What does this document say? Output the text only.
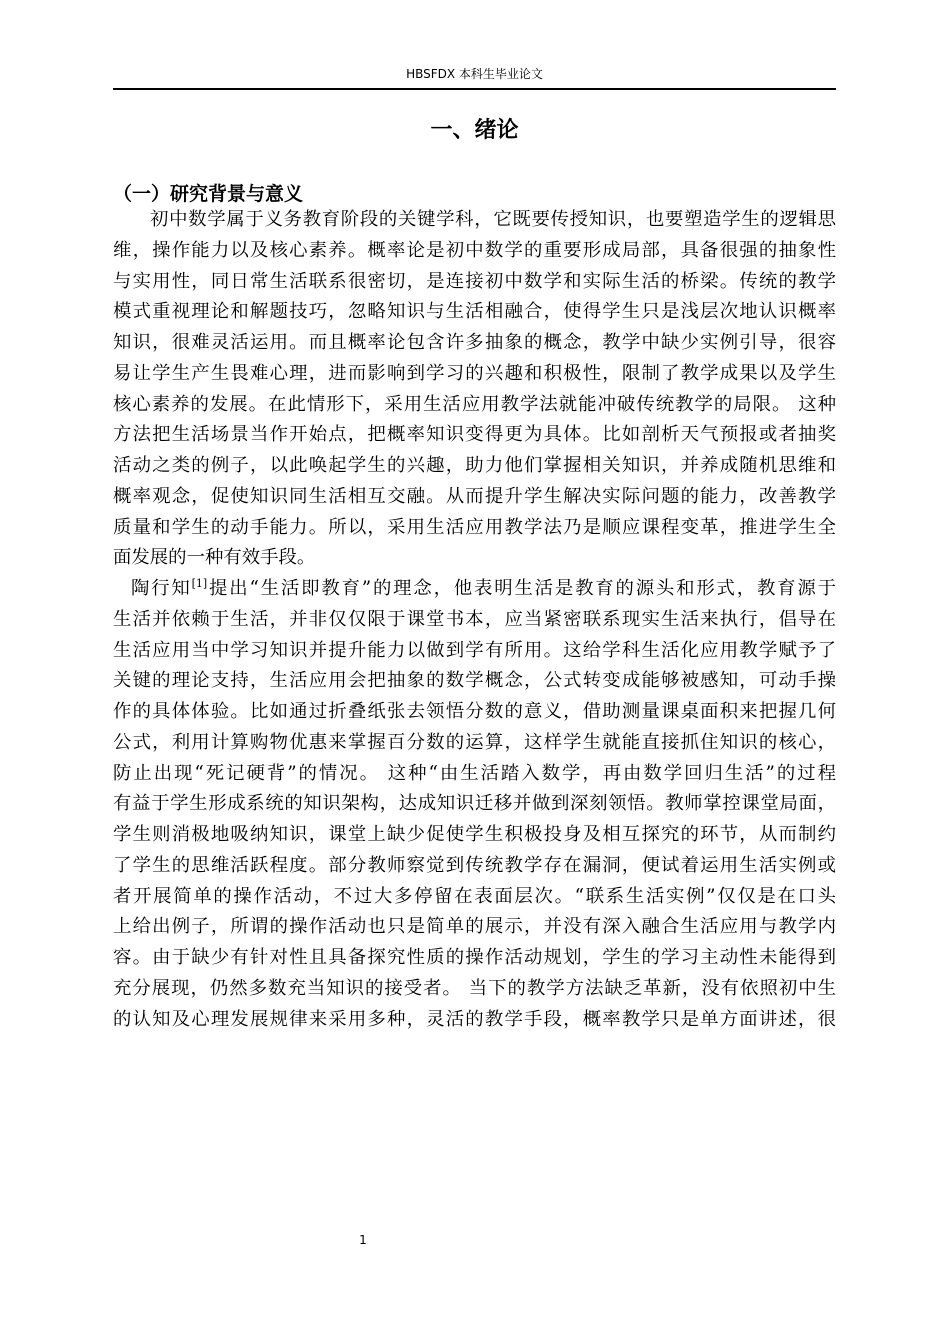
HBSFDX 本科生毕业论文
一、绪论
（一）研究背景与意义
初中数学属于义务教育阶段的关键学科，它既要传授知识，也要塑造学生的逻辑思
维，操作能力以及核心素养。概率论是初中数学的重要形成局部，具备很强的抽象性
与实用性，同日常生活联系很密切，是连接初中数学和实际生活的桥梁。传统的教学
模式重视理论和解题技巧，忽略知识与生活相融合，使得学生只是浅层次地认识概率
知识，很难灵活运用。而且概率论包含许多抽象的概念，教学中缺少实例引导，很容
易让学生产生畏难心理，进而影响到学习的兴趣和积极性，限制了教学成果以及学生
核心素养的发展。在此情形下，采用生活应用教学法就能冲破传统教学的局限。 这种
方法把生活场景当作开始点，把概率知识变得更为具体。比如剖析天气预报或者抽奖
活动之类的例子，以此唤起学生的兴趣，助力他们掌握相关知识，并养成随机思维和
概率观念，促使知识同生活相互交融。从而提升学生解决实际问题的能力，改善教学
质量和学生的动手能力。所以，采用生活应用教学法乃是顺应课程变革，推进学生全
面发展的一种有效手段。
陶行知[1]提出“生活即教育”的理念，他表明生活是教育的源头和形式，教育源于
生活并依赖于生活，并非仅仅限于课堂书本，应当紧密联系现实生活来执行，倡导在
生活应用当中学习知识并提升能力以做到学有所用。这给学科生活化应用教学赋予了
关键的理论支持，生活应用会把抽象的数学概念，公式转变成能够被感知，可动手操
作的具体体验。比如通过折叠纸张去领悟分数的意义，借助测量课桌面积来把握几何
公式，利用计算购物优惠来掌握百分数的运算，这样学生就能直接抓住知识的核心，
防止出现“死记硬背”的情况。 这种“由生活踏入数学，再由数学回归生活”的过程
有益于学生形成系统的知识架构，达成知识迁移并做到深刻领悟。教师掌控课堂局面，
学生则消极地吸纳知识，课堂上缺少促使学生积极投身及相互探究的环节，从而制约
了学生的思维活跃程度。部分教师察觉到传统教学存在漏洞，便试着运用生活实例或
者开展简单的操作活动，不过大多停留在表面层次。“联系生活实例”仅仅是在口头
上给出例子，所谓的操作活动也只是简单的展示，并没有深入融合生活应用与教学内
容。由于缺少有针对性且具备探究性质的操作活动规划，学生的学习主动性未能得到
充分展现，仍然多数充当知识的接受者。 当下的教学方法缺乏革新，没有依照初中生
的认知及心理发展规律来采用多种，灵活的教学手段，概率教学只是单方面讲述，很
1
